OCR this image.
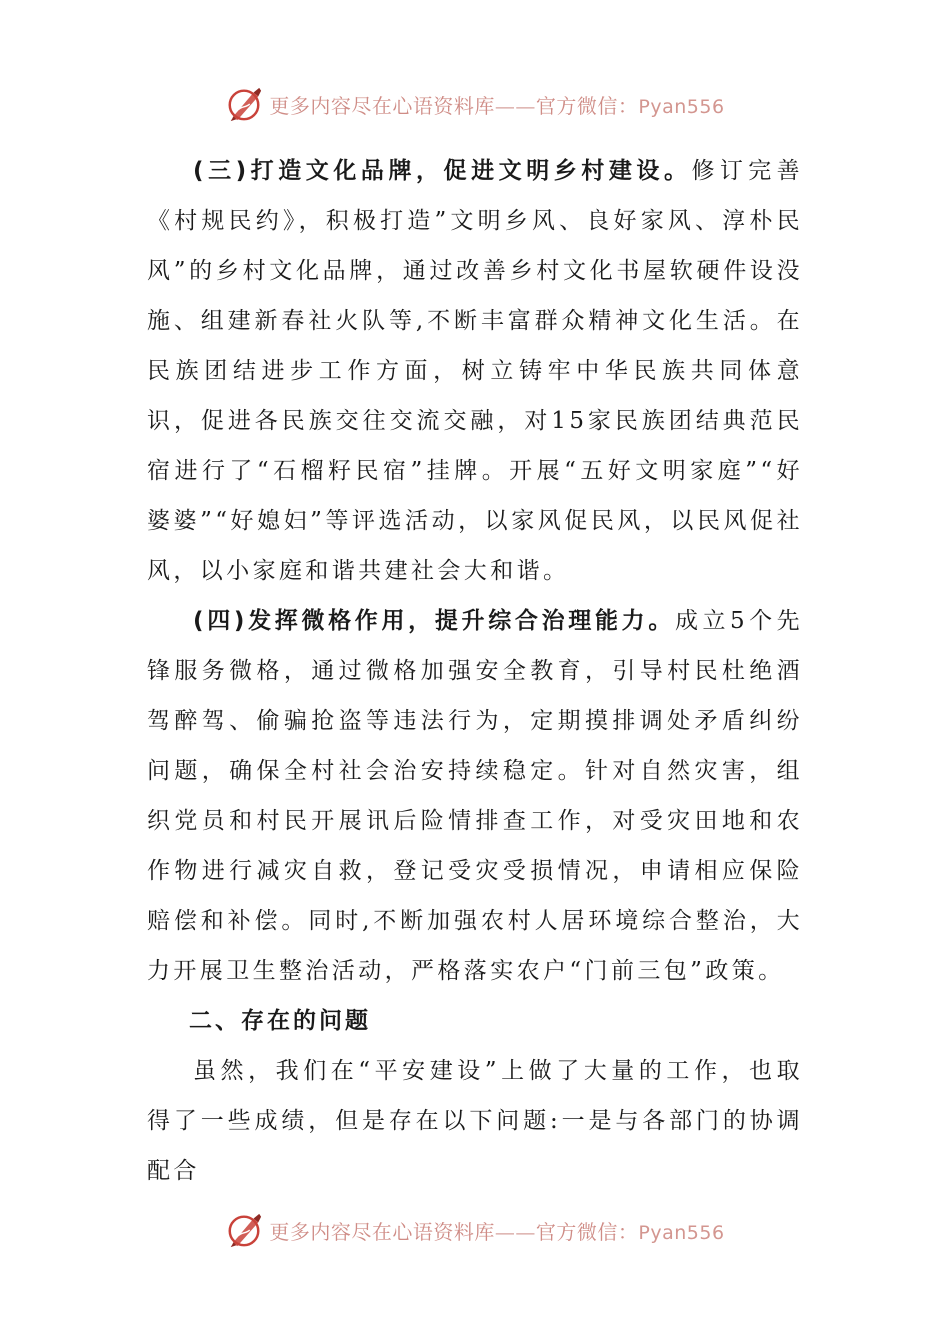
更多内容尽在心语资料库——官方微信：Pyan556

(三)打造文化品牌，促进文明乡村建设。修订完善《村规民约》，积极打造”文明乡风、良好家风、淳朴民风”的乡村文化品牌，通过改善乡村文化书屋软硬件设没施、组建新春社火队等,不断丰富群众精神文化生活。在民族团结进步工作方面，树立铸牢中华民族共同体意识，促进各民族交往交流交融，对15家民族团结典范民宿进行了“石榴籽民宿”挂牌。开展“五好文明家庭”“好婆婆”“好媳妇”等评选活动，以家风促民风，以民风促社风，以小家庭和谐共建社会大和谐。

(四)发挥微格作用，提升综合治理能力。成立5个先锋服务微格，通过微格加强安全教育，引导村民杜绝酒驾醉驾、偷骗抢盗等违法行为，定期摸排调处矛盾纠纷问题，确保全村社会治安持续稳定。针对自然灾害，组织党员和村民开展讯后险情排查工作，对受灾田地和农作物进行减灾自救，登记受灾受损情况，申请相应保险赔偿和补偿。同时,不断加强农村人居环境综合整治，大力开展卫生整治活动，严格落实农户“门前三包”政策。

二、存在的问题

虽然，我们在“平安建设”上做了大量的工作，也取得了一些成绩，但是存在以下问题:一是与各部门的协调配合

更多内容尽在心语资料库——官方微信：Pyan556
